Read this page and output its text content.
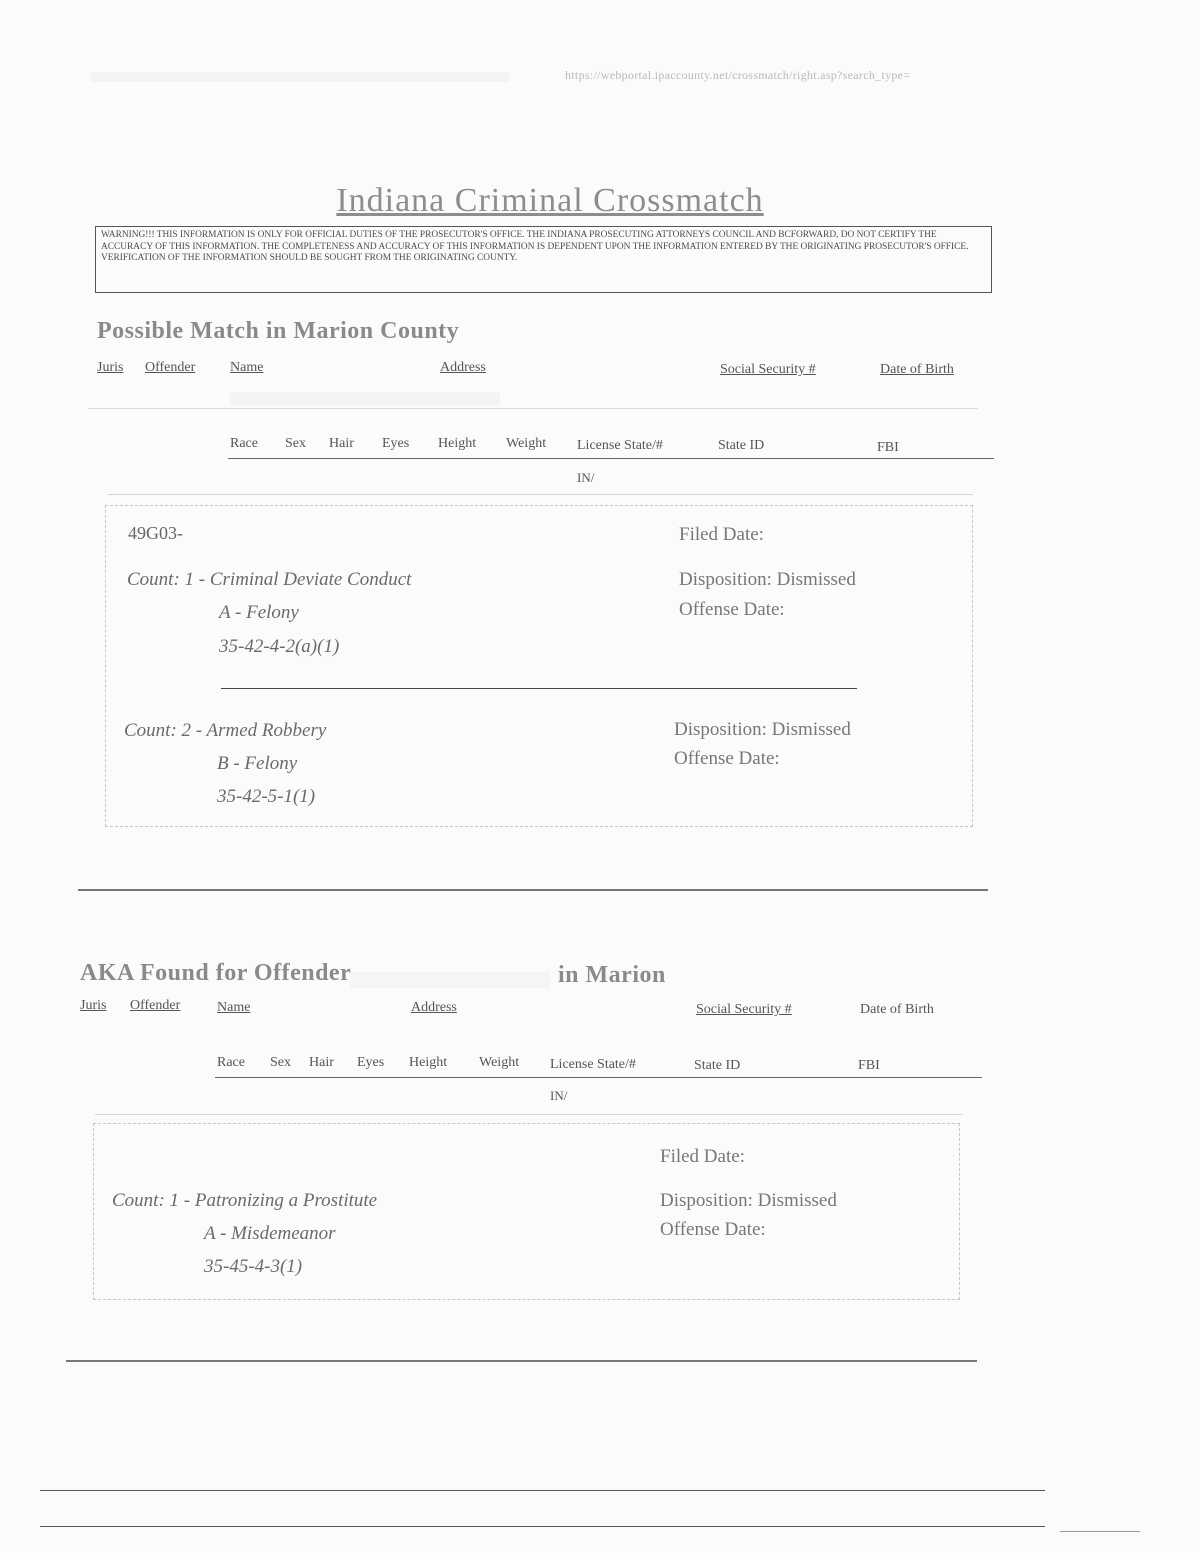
https://webportal.ipaccounty.net/crossmatch/right.asp?search_type=
Indiana Criminal Crossmatch
WARNING!!! THIS INFORMATION IS ONLY FOR OFFICIAL DUTIES OF THE PROSECUTOR'S OFFICE. THE INDIANA PROSECUTING ATTORNEYS COUNCIL AND BCFORWARD, DO NOT CERTIFY THE ACCURACY OF THIS INFORMATION. THE COMPLETENESS AND ACCURACY OF THIS INFORMATION IS DEPENDENT UPON THE INFORMATION ENTERED BY THE ORIGINATING PROSECUTOR'S OFFICE. VERIFICATION OF THE INFORMATION SHOULD BE SOUGHT FROM THE ORIGINATING COUNTY.
Possible Match in Marion County
Juris Offender Name	Address	Social Security #	Date of Birth
Race Sex Hair Eyes Height Weight License State/#	State ID	FBI
IN/
49G03-	Filed Date:
Count: 1 - Criminal Deviate Conduct
A - Felony
35-42-4-2(a)(1)
Disposition: Dismissed
Offense Date:
Count: 2 - Armed Robbery
B - Felony
35-42-5-1(1)
Disposition: Dismissed
Offense Date:
AKA Found for Offender	in Marion
Juris Offender	Name	Address	Social Security #	Date of Birth
Race Sex Hair Eyes Height Weight License State/#	State ID	FBI
IN/
Filed Date:
Count: 1 - Patronizing a Prostitute
A - Misdemeanor
35-45-4-3(1)
Disposition: Dismissed
Offense Date:
